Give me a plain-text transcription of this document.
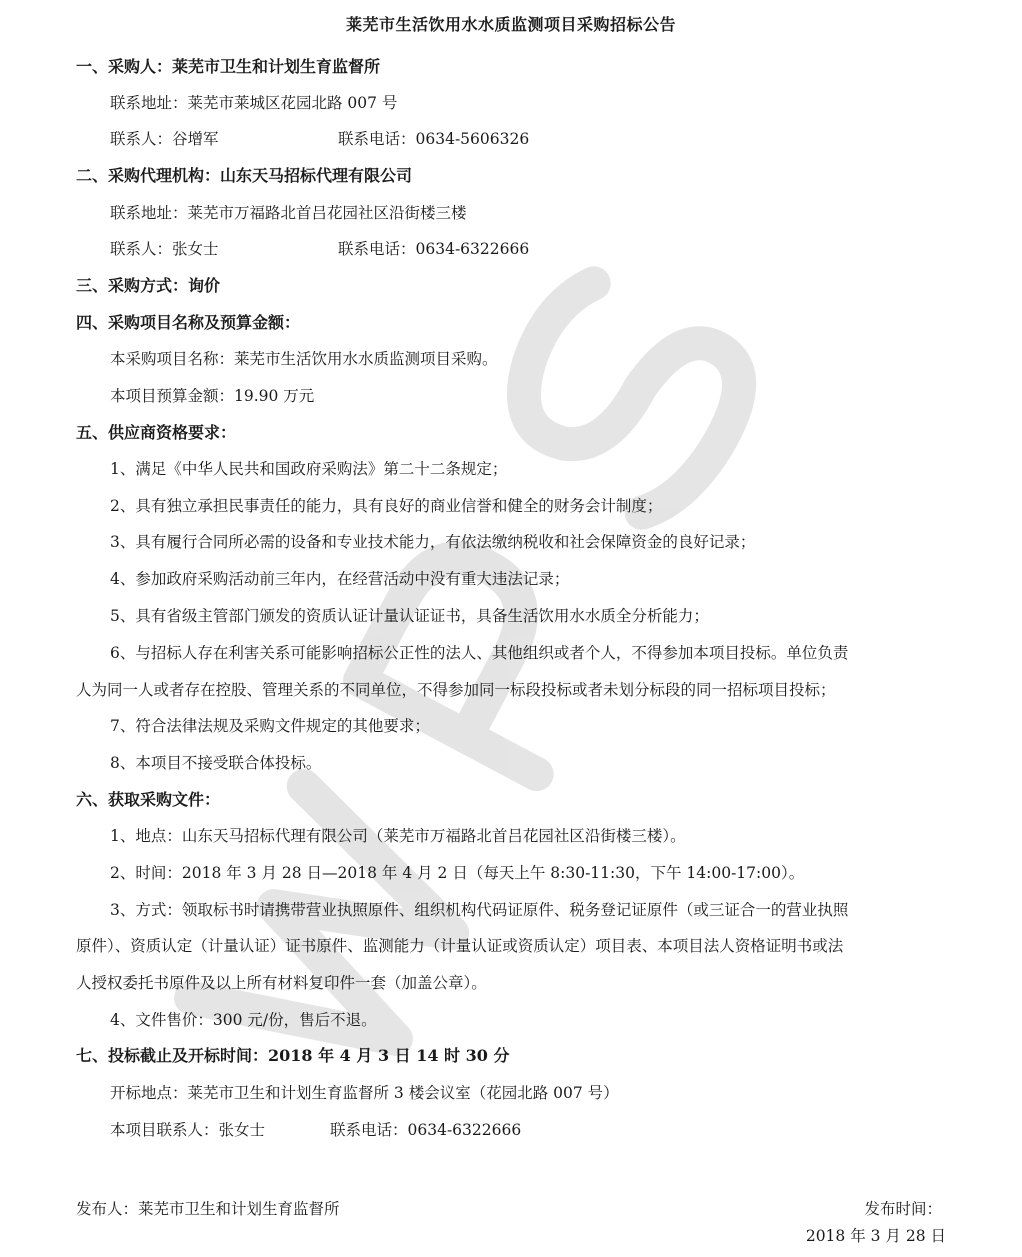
莱芜市生活饮用水水质监测项目采购招标公告
一、采购人：莱芜市卫生和计划生育监督所
联系地址：莱芜市莱城区花园北路 007 号
联系人：谷增军	联系电话：0634-5606326
二、采购代理机构：山东天马招标代理有限公司
联系地址：莱芜市万福路北首吕花园社区沿街楼三楼
联系人：张女士	联系电话：0634-6322666
三、采购方式：询价
四、采购项目名称及预算金额：
本采购项目名称：莱芜市生活饮用水水质监测项目采购。
本项目预算金额：19.90 万元
五、供应商资格要求：
1、满足《中华人民共和国政府采购法》第二十二条规定；
2、具有独立承担民事责任的能力，具有良好的商业信誉和健全的财务会计制度；
3、具有履行合同所必需的设备和专业技术能力，有依法缴纳税收和社会保障资金的良好记录；
4、参加政府采购活动前三年内，在经营活动中没有重大违法记录；
5、具有省级主管部门颁发的资质认证计量认证证书，具备生活饮用水水质全分析能力；
6、与招标人存在利害关系可能影响招标公正性的法人、其他组织或者个人，不得参加本项目投标。单位负责
人为同一人或者存在控股、管理关系的不同单位，不得参加同一标段投标或者未划分标段的同一招标项目投标；
7、符合法律法规及采购文件规定的其他要求；
8、本项目不接受联合体投标。
六、获取采购文件：
1、地点：山东天马招标代理有限公司（莱芜市万福路北首吕花园社区沿街楼三楼）。
2、时间：2018 年 3 月 28 日—2018 年 4 月 2 日（每天上午 8:30-11:30，下午 14:00-17:00）。
3、方式：领取标书时请携带营业执照原件、组织机构代码证原件、税务登记证原件（或三证合一的营业执照
原件）、资质认定（计量认证）证书原件、监测能力（计量认证或资质认定）项目表、本项目法人资格证明书或法
人授权委托书原件及以上所有材料复印件一套（加盖公章）。
4、文件售价：300 元/份，售后不退。
七、投标截止及开标时间：2018 年 4 月 3 日 14 时 30 分
开标地点：莱芜市卫生和计划生育监督所 3 楼会议室（花园北路 007 号）
本项目联系人：张女士	联系电话：0634-6322666
发布人：莱芜市卫生和计划生育监督所	发布时间：
2018 年 3 月 28 日
